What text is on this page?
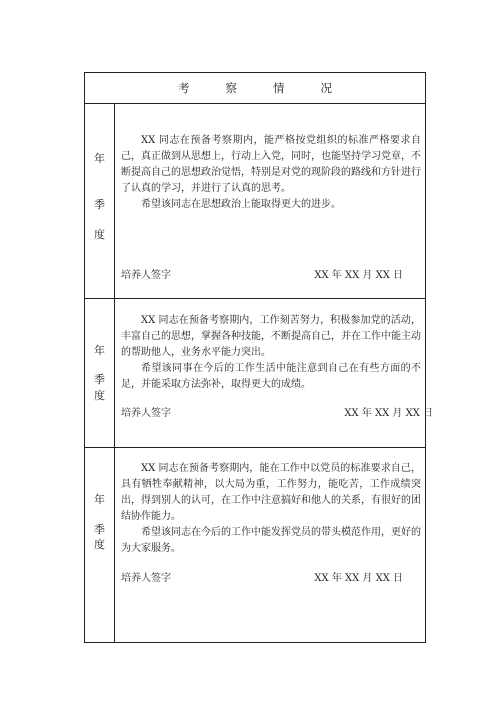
考	察	情	况
年
季
度

XX 同志在预备考察期内，能严格按党组织的标准严格要求自己，真正做到从思想上，行动上入党，同时，也能坚持学习党章，不断提高自己的思想政治觉悟，特别是对党的现阶段的路线和方针进行了认真的学习，并进行了认真的思考。

希望该同志在思想政治上能取得更大的进步。

培养人签字	XX 年 XX 月 XX 日
年
季
度

XX 同志在预备考察期内，工作刻苦努力，积极参加党的活动，丰富自己的思想，掌握各种技能，不断提高自己，并在工作中能主动的帮助他人，业务水平能力突出。

希望该同事在今后的工作生活中能注意到自己在有些方面的不足，并能采取方法弥补，取得更大的成绩。

培养人签字	XX 年 XX 月 XX 日
年
季
度

XX 同志在预备考察期内，能在工作中以党员的标准要求自己，具有牺牲奉献精神，以大局为重，工作努力，能吃苦，工作成绩突出，得到别人的认可，在工作中注意搞好和他人的关系，有很好的团结协作能力。

希望该同志在今后的工作中能发挥党员的带头模范作用，更好的为大家服务。

培养人签字	XX 年 XX 月 XX 日
